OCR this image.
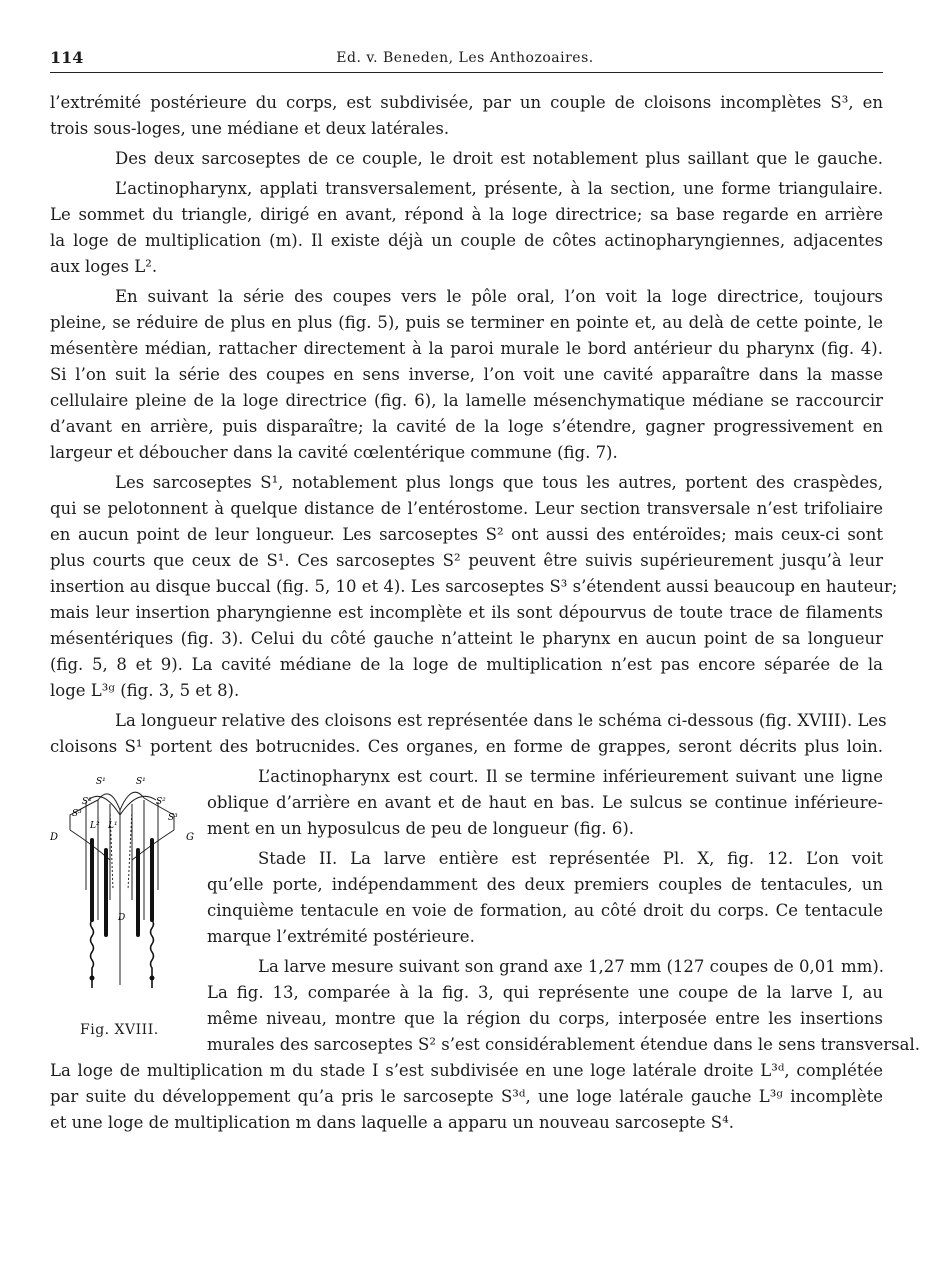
114	Ed. v. Beneden, Les Anthozoaires.
l’extrémité postérieure du corps, est subdivisée, par un couple de cloisons incomplètes S³, en
trois sous-loges, une médiane et deux latérales.
Des deux sarcoseptes de ce couple, le droit est notablement plus saillant que le gauche.
L’actinopharynx, applati transversalement, présente, à la section, une forme triangulaire.
Le sommet du triangle, dirigé en avant, répond à la loge directrice; sa base regarde en arrière
la loge de multiplication (m). Il existe déjà un couple de côtes actinopharyngiennes, adjacentes
aux loges L².
En suivant la série des coupes vers le pôle oral, l’on voit la loge directrice, toujours
pleine, se réduire de plus en plus (fig. 5), puis se terminer en pointe et, au delà de cette pointe, le
mésentère médian, rattacher directement à la paroi murale le bord antérieur du pharynx (fig. 4).
Si l’on suit la série des coupes en sens inverse, l’on voit une cavité apparaître dans la masse
cellulaire pleine de la loge directrice (fig. 6), la lamelle mésenchymatique médiane se raccourcir
d’avant en arrière, puis disparaître; la cavité de la loge s’étendre, gagner progressivement en
largeur et déboucher dans la cavité cœlentérique commune (fig. 7).
Les sarcoseptes S¹, notablement plus longs que tous les autres, portent des craspèdes,
qui se pelotonnent à quelque distance de l’entérostome. Leur section transversale n’est trifoliaire
en aucun point de leur longueur. Les sarcoseptes S² ont aussi des entéroïdes; mais ceux-ci sont
plus courts que ceux de S¹. Ces sarcoseptes S² peuvent être suivis supérieurement jusqu’à leur
insertion au disque buccal (fig. 5, 10 et 4). Les sarcoseptes S³ s’étendent aussi beaucoup en hauteur;
mais leur insertion pharyngienne est incomplète et ils sont dépourvus de toute trace de filaments
mésentériques (fig. 3). Celui du côté gauche n’atteint le pharynx en aucun point de sa longueur
(fig. 5, 8 et 9). La cavité médiane de la loge de multiplication n’est pas encore séparée de la
loge L³ᵍ (fig. 3, 5 et 8).
La longueur relative des cloisons est représentée dans le schéma ci-dessous (fig. XVIII). Les
cloisons S¹ portent des botrucnides. Ces organes, en forme de grappes, seront décrits plus loin.
L’actinopharynx est court. Il se termine inférieurement suivant une ligne
oblique d’arrière en avant et de haut en bas. Le sulcus se continue inférieure-
ment en un hyposulcus de peu de longueur (fig. 6).
Stade II. La larve entière est représentée Pl. X, fig. 12. L’on voit
qu’elle porte, indépendamment des deux premiers couples de tentacules, un
cinquième tentacule en voie de formation, au côté droit du corps. Ce tentacule
marque l’extrémité postérieure.
La larve mesure suivant son grand axe 1,27 mm (127 coupes de 0,01 mm).
La fig. 13, comparée à la fig. 3, qui représente une coupe de la larve I, au
même niveau, montre que la région du corps, interposée entre les insertions
murales des sarcoseptes S² s’est considérablement étendue dans le sens transversal.
La loge de multiplication m du stade I s’est subdivisée en une loge latérale droite L³ᵈ, complétée
par suite du développement qu’a pris le sarcosepte S³ᵈ, une loge latérale gauche L³ᵍ incomplète
et une loge de multiplication m dans laquelle a apparu un nouveau sarcosepte S⁴.
S¹	S¹
S²	S²
S³	S³
L² L¹
D	G
D
Fig. XVIII.
